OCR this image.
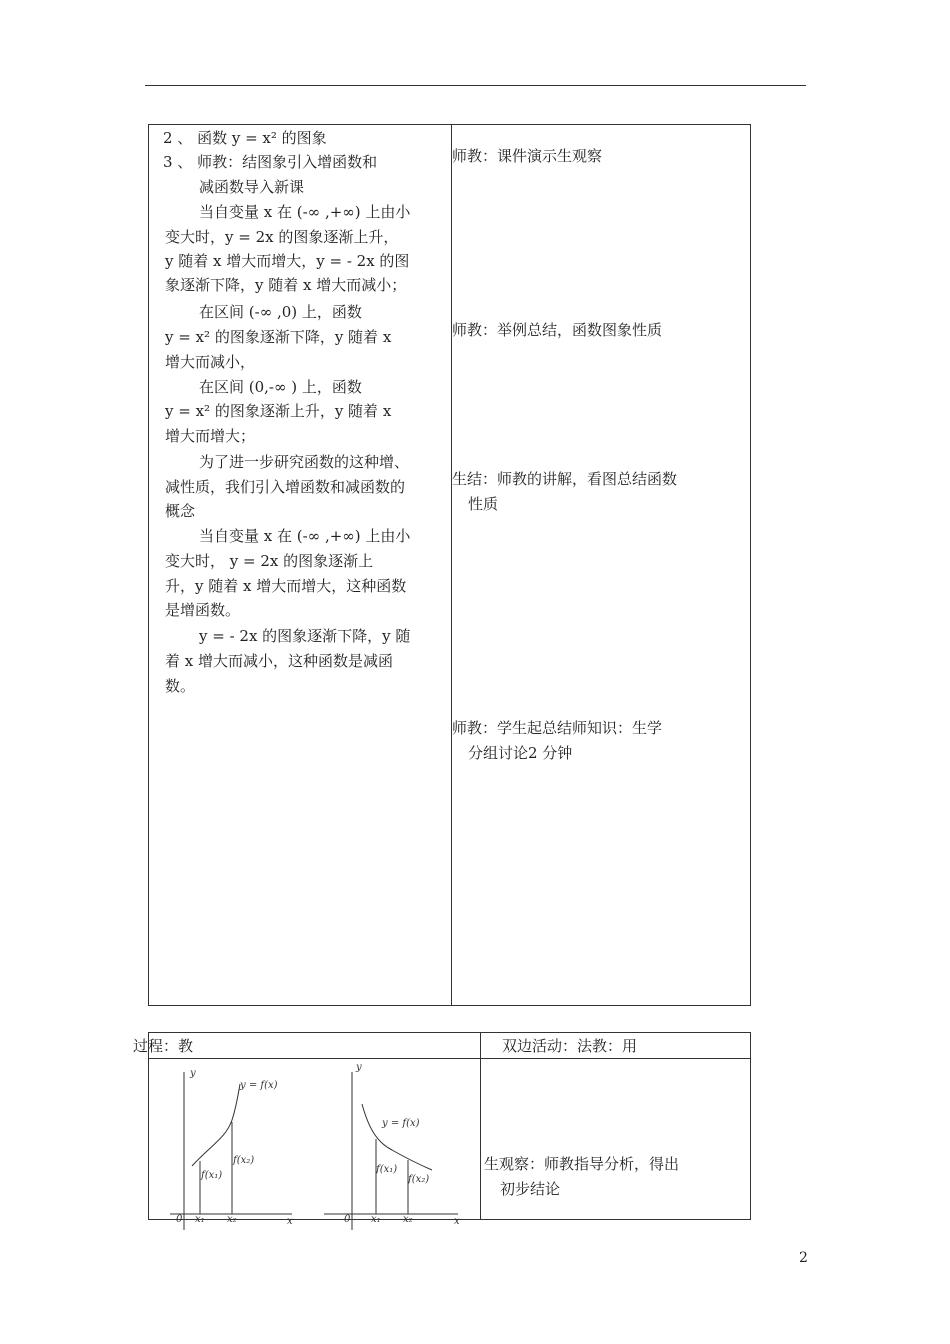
2 、 函数 y = x² 的图象
3 、 师教：结图象引入增函数和
减函数导入新课
当自变量 x 在 (-∞ ,+∞) 上由小
变大时，y = 2x 的图象逐渐上升，
y 随着 x 增大而增大，y = - 2x 的图
象逐渐下降，y 随着 x 增大而减小；
在区间 (-∞ ,0) 上，函数
y = x² 的图象逐渐下降，y 随着 x
增大而减小，
在区间 (0,-∞ ) 上，函数
y = x² 的图象逐渐上升，y 随着 x
增大而增大；
为了进一步研究函数的这种增、
减性质，我们引入增函数和减函数的
概念
当自变量 x 在 (-∞ ,+∞) 上由小
变大时， y = 2x 的图象逐渐上
升，y 随着 x 增大而增大，这种函数
是增函数。
y = - 2x 的图象逐渐下降，y 随
着 x 增大而减小，这种函数是减函
数。
师教：课件演示生观察
师教：举例总结，函数图象性质
生结：师教的讲解，看图总结函数
性质
师教：学生起总结师知识：生学
分组讨论2 分钟
过程：教	双边活动：法教：用
生观察：师教指导分析，得出
初步结论
y
x
0
y = f(x)
f(x₁)
f(x₂)
x₁ x₂
y
x
0
y = f(x)
f(x₁)
f(x₂)
x₁ x₂
2
